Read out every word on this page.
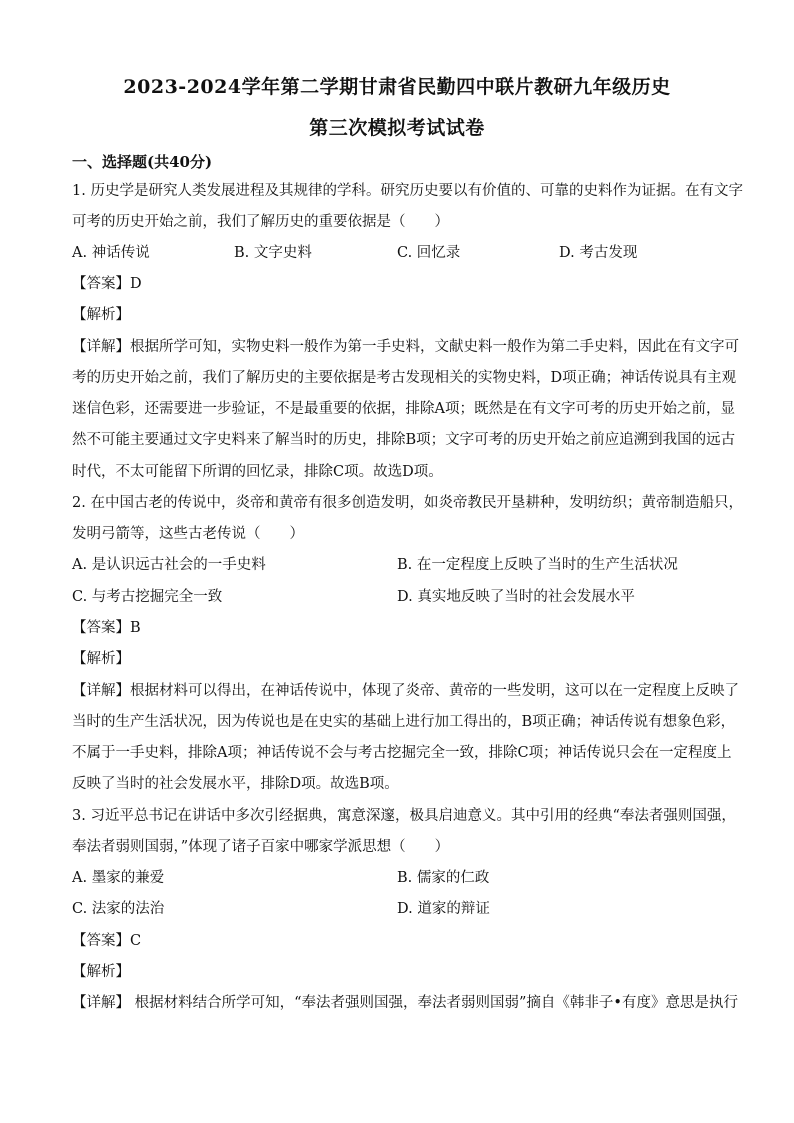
2023-2024学年第二学期甘肃省民勤四中联片教研九年级历史
第三次模拟考试试卷
一、选择题(共40分)
1. 历史学是研究人类发展进程及其规律的学科。研究历史要以有价值的、可靠的史料作为证据。在有文字
可考的历史开始之前，我们了解历史的重要依据是（　　）
A. 神话传说	B. 文字史料	C. 回忆录	D. 考古发现
【答案】D
【解析】
【详解】根据所学可知，实物史料一般作为第一手史料，文献史料一般作为第二手史料，因此在有文字可
考的历史开始之前，我们了解历史的主要依据是考古发现相关的实物史料，D项正确；神话传说具有主观
迷信色彩，还需要进一步验证，不是最重要的依据，排除A项；既然是在有文字可考的历史开始之前，显
然不可能主要通过文字史料来了解当时的历史，排除B项；文字可考的历史开始之前应追溯到我国的远古
时代，不太可能留下所谓的回忆录，排除C项。故选D项。
2. 在中国古老的传说中，炎帝和黄帝有很多创造发明，如炎帝教民开垦耕种，发明纺织；黄帝制造船只，
发明弓箭等，这些古老传说（　　）
A. 是认识远古社会的一手史料	B. 在一定程度上反映了当时的生产生活状况
C. 与考古挖掘完全一致	D. 真实地反映了当时的社会发展水平
【答案】B
【解析】
【详解】根据材料可以得出，在神话传说中，体现了炎帝、黄帝的一些发明，这可以在一定程度上反映了
当时的生产生活状况，因为传说也是在史实的基础上进行加工得出的，B项正确；神话传说有想象色彩，
不属于一手史料，排除A项；神话传说不会与考古挖掘完全一致，排除C项；神话传说只会在一定程度上
反映了当时的社会发展水平，排除D项。故选B项。
3. 习近平总书记在讲话中多次引经据典，寓意深邃，极具启迪意义。其中引用的经典“奉法者强则国强，
奉法者弱则国弱，”体现了诸子百家中哪家学派思想（　　）
A. 墨家的兼爱	B. 儒家的仁政
C. 法家的法治	D. 道家的辩证
【答案】C
【解析】
【详解】 根据材料结合所学可知，“奉法者强则国强，奉法者弱则国弱”摘自《韩非子•有度》意思是执行
